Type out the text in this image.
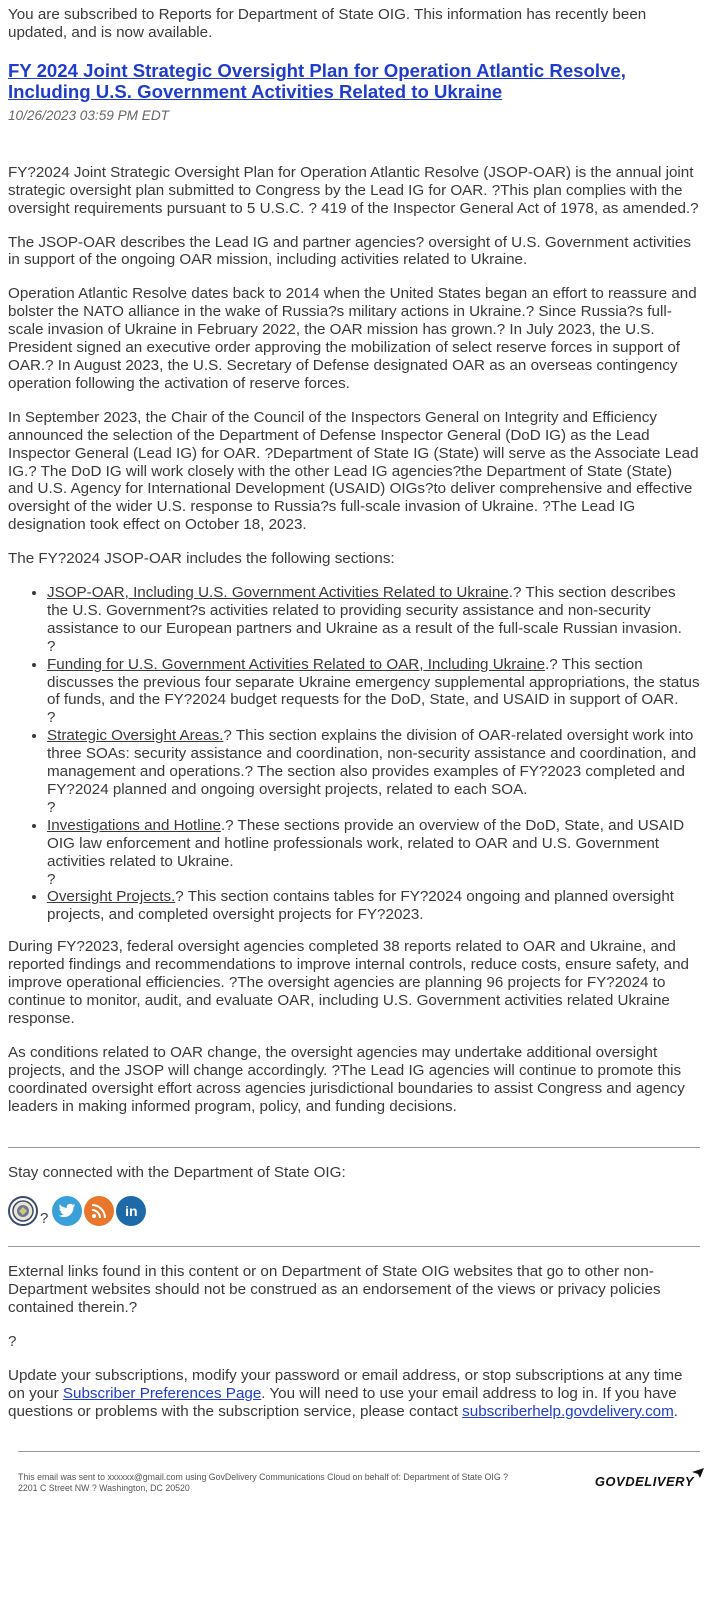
You are subscribed to Reports for Department of State OIG. This information has recently been updated, and is now available.

FY 2024 Joint Strategic Oversight Plan for Operation Atlantic Resolve, Including U.S. Government Activities Related to Ukraine
10/26/2023 03:59 PM EDT

FY?2024 Joint Strategic Oversight Plan for Operation Atlantic Resolve (JSOP-OAR) is the annual joint strategic oversight plan submitted to Congress by the Lead IG for OAR. ?This plan complies with the oversight requirements pursuant to 5 U.S.C. ? 419 of the Inspector General Act of 1978, as amended.?

The JSOP-OAR describes the Lead IG and partner agencies? oversight of U.S. Government activities in support of the ongoing OAR mission, including activities related to Ukraine.

Operation Atlantic Resolve dates back to 2014 when the United States began an effort to reassure and bolster the NATO alliance in the wake of Russia?s military actions in Ukraine.? Since Russia?s full-scale invasion of Ukraine in February 2022, the OAR mission has grown.? In July 2023, the U.S. President signed an executive order approving the mobilization of select reserve forces in support of OAR.? In August 2023, the U.S. Secretary of Defense designated OAR as an overseas contingency operation following the activation of reserve forces.

In September 2023, the Chair of the Council of the Inspectors General on Integrity and Efficiency announced the selection of the Department of Defense Inspector General (DoD IG) as the Lead Inspector General (Lead IG) for OAR. ?Department of State IG (State) will serve as the Associate Lead IG.? The DoD IG will work closely with the other Lead IG agencies?the Department of State (State) and U.S. Agency for International Development (USAID) OIGs?to deliver comprehensive and effective oversight of the wider U.S. response to Russia?s full-scale invasion of Ukraine. ?The Lead IG designation took effect on October 18, 2023.

The FY?2024 JSOP-OAR includes the following sections:

• JSOP-OAR, Including U.S. Government Activities Related to Ukraine.? This section describes the U.S. Government?s activities related to providing security assistance and non-security assistance to our European partners and Ukraine as a result of the full-scale Russian invasion.
?
• Funding for U.S. Government Activities Related to OAR, Including Ukraine.? This section discusses the previous four separate Ukraine emergency supplemental appropriations, the status of funds, and the FY?2024 budget requests for the DoD, State, and USAID in support of OAR.
?
• Strategic Oversight Areas.? This section explains the division of OAR-related oversight work into three SOAs: security assistance and coordination, non-security assistance and coordination, and management and operations.? The section also provides examples of FY?2023 completed and FY?2024 planned and ongoing oversight projects, related to each SOA.
?
• Investigations and Hotline.? These sections provide an overview of the DoD, State, and USAID OIG law enforcement and hotline professionals work, related to OAR and U.S. Government activities related to Ukraine.
?
• Oversight Projects.? This section contains tables for FY?2024 ongoing and planned oversight projects, and completed oversight projects for FY?2023.

During FY?2023, federal oversight agencies completed 38 reports related to OAR and Ukraine, and reported findings and recommendations to improve internal controls, reduce costs, ensure safety, and improve operational efficiencies. ?The oversight agencies are planning 96 projects for FY?2024 to continue to monitor, audit, and evaluate OAR, including U.S. Government activities related Ukraine response.

As conditions related to OAR change, the oversight agencies may undertake additional oversight projects, and the JSOP will change accordingly. ?The Lead IG agencies will continue to promote this coordinated oversight effort across agencies jurisdictional boundaries to assist Congress and agency leaders in making informed program, policy, and funding decisions.

Stay connected with the Department of State OIG:

?	in

External links found in this content or on Department of State OIG websites that go to other non-Department websites should not be construed as an endorsement of the views or privacy policies contained therein.?

?

Update your subscriptions, modify your password or email address, or stop subscriptions at any time on your Subscriber Preferences Page. You will need to use your email address to log in. If you have questions or problems with the subscription service, please contact subscriberhelp.govdelivery.com.

This email was sent to xxxxxx@gmail.com using GovDelivery Communications Cloud on behalf of: Department of State OIG ?
2201 C Street NW ? Washington, DC 20520	GOVDELIVERY
